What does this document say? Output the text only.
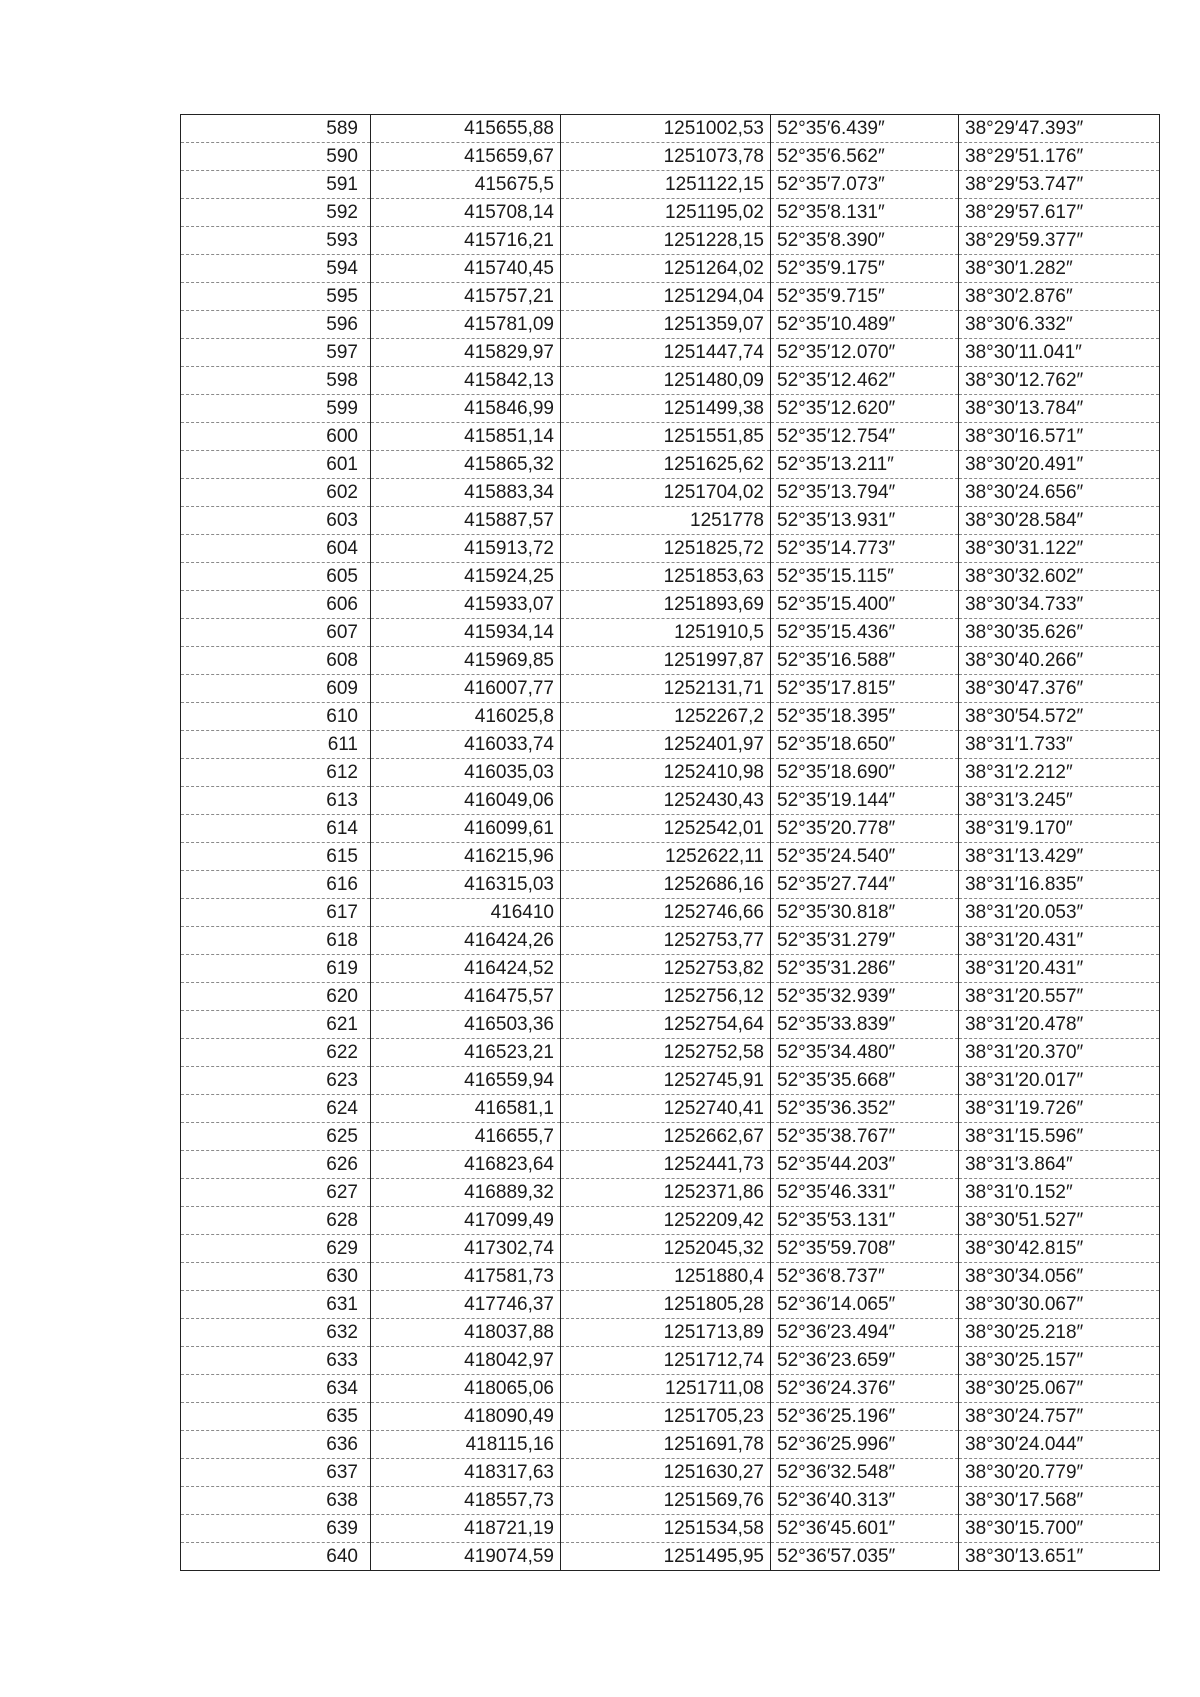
589	415655,88	1251002,53	52°35′6.439″	38°29′47.393″
590	415659,67	1251073,78	52°35′6.562″	38°29′51.176″
591	415675,5	1251122,15	52°35′7.073″	38°29′53.747″
592	415708,14	1251195,02	52°35′8.131″	38°29′57.617″
593	415716,21	1251228,15	52°35′8.390″	38°29′59.377″
594	415740,45	1251264,02	52°35′9.175″	38°30′1.282″
595	415757,21	1251294,04	52°35′9.715″	38°30′2.876″
596	415781,09	1251359,07	52°35′10.489″	38°30′6.332″
597	415829,97	1251447,74	52°35′12.070″	38°30′11.041″
598	415842,13	1251480,09	52°35′12.462″	38°30′12.762″
599	415846,99	1251499,38	52°35′12.620″	38°30′13.784″
600	415851,14	1251551,85	52°35′12.754″	38°30′16.571″
601	415865,32	1251625,62	52°35′13.211″	38°30′20.491″
602	415883,34	1251704,02	52°35′13.794″	38°30′24.656″
603	415887,57	1251778	52°35′13.931″	38°30′28.584″
604	415913,72	1251825,72	52°35′14.773″	38°30′31.122″
605	415924,25	1251853,63	52°35′15.115″	38°30′32.602″
606	415933,07	1251893,69	52°35′15.400″	38°30′34.733″
607	415934,14	1251910,5	52°35′15.436″	38°30′35.626″
608	415969,85	1251997,87	52°35′16.588″	38°30′40.266″
609	416007,77	1252131,71	52°35′17.815″	38°30′47.376″
610	416025,8	1252267,2	52°35′18.395″	38°30′54.572″
611	416033,74	1252401,97	52°35′18.650″	38°31′1.733″
612	416035,03	1252410,98	52°35′18.690″	38°31′2.212″
613	416049,06	1252430,43	52°35′19.144″	38°31′3.245″
614	416099,61	1252542,01	52°35′20.778″	38°31′9.170″
615	416215,96	1252622,11	52°35′24.540″	38°31′13.429″
616	416315,03	1252686,16	52°35′27.744″	38°31′16.835″
617	416410	1252746,66	52°35′30.818″	38°31′20.053″
618	416424,26	1252753,77	52°35′31.279″	38°31′20.431″
619	416424,52	1252753,82	52°35′31.286″	38°31′20.431″
620	416475,57	1252756,12	52°35′32.939″	38°31′20.557″
621	416503,36	1252754,64	52°35′33.839″	38°31′20.478″
622	416523,21	1252752,58	52°35′34.480″	38°31′20.370″
623	416559,94	1252745,91	52°35′35.668″	38°31′20.017″
624	416581,1	1252740,41	52°35′36.352″	38°31′19.726″
625	416655,7	1252662,67	52°35′38.767″	38°31′15.596″
626	416823,64	1252441,73	52°35′44.203″	38°31′3.864″
627	416889,32	1252371,86	52°35′46.331″	38°31′0.152″
628	417099,49	1252209,42	52°35′53.131″	38°30′51.527″
629	417302,74	1252045,32	52°35′59.708″	38°30′42.815″
630	417581,73	1251880,4	52°36′8.737″	38°30′34.056″
631	417746,37	1251805,28	52°36′14.065″	38°30′30.067″
632	418037,88	1251713,89	52°36′23.494″	38°30′25.218″
633	418042,97	1251712,74	52°36′23.659″	38°30′25.157″
634	418065,06	1251711,08	52°36′24.376″	38°30′25.067″
635	418090,49	1251705,23	52°36′25.196″	38°30′24.757″
636	418115,16	1251691,78	52°36′25.996″	38°30′24.044″
637	418317,63	1251630,27	52°36′32.548″	38°30′20.779″
638	418557,73	1251569,76	52°36′40.313″	38°30′17.568″
639	418721,19	1251534,58	52°36′45.601″	38°30′15.700″
640	419074,59	1251495,95	52°36′57.035″	38°30′13.651″
